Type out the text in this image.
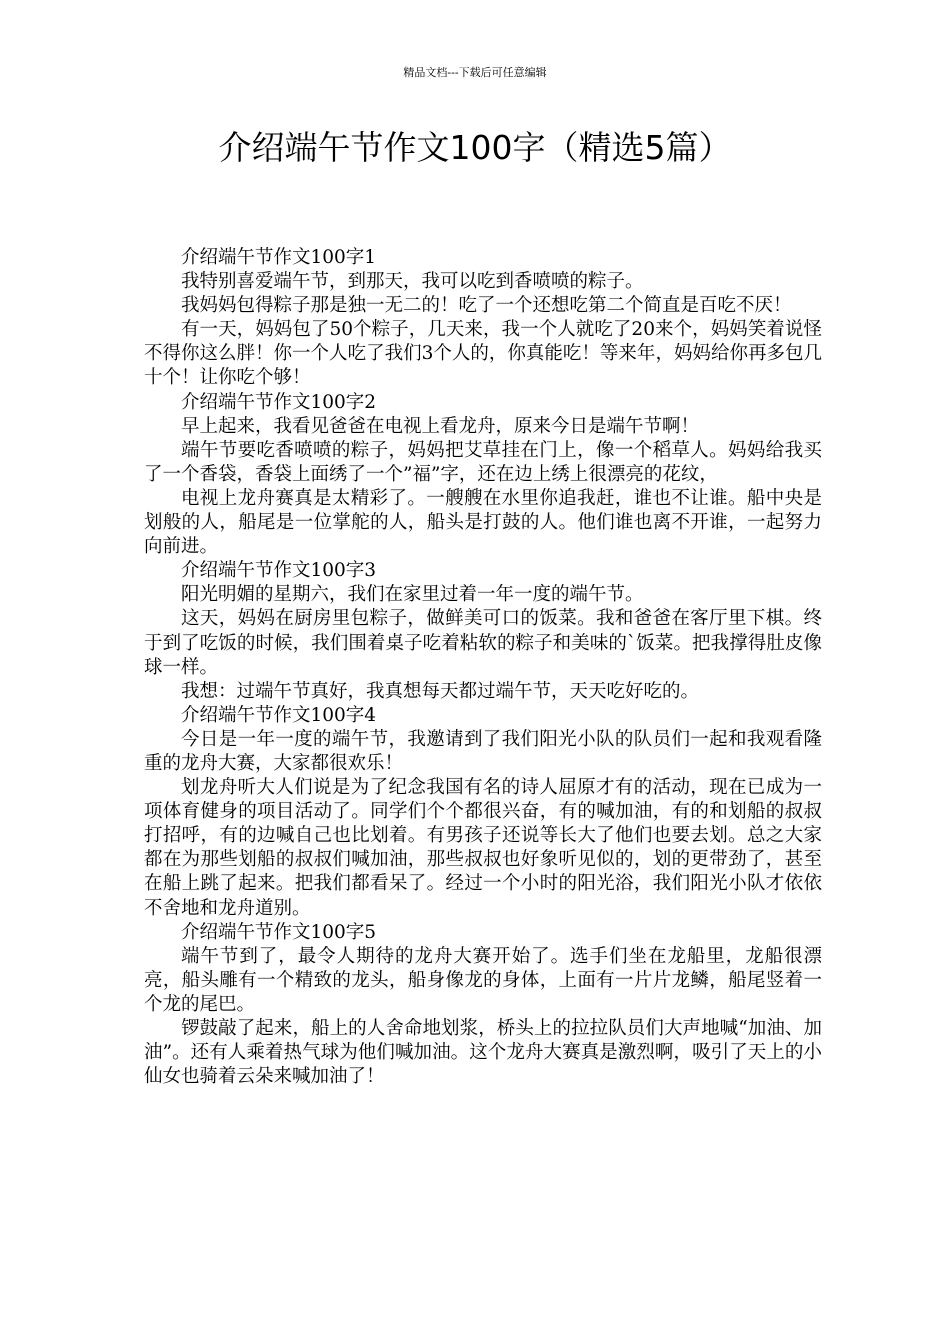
精品文档---下载后可任意编辑
介绍端午节作文100字（精选5篇）

介绍端午节作文100字1

我特别喜爱端午节，到那天，我可以吃到香喷喷的粽子。

我妈妈包得粽子那是独一无二的！吃了一个还想吃第二个简直是百吃不厌！

有一天，妈妈包了50个粽子，几天来，我一个人就吃了20来个，妈妈笑着说怪不得你这么胖！你一个人吃了我们3个人的，你真能吃！等来年，妈妈给你再多包几十个！让你吃个够！

介绍端午节作文100字2

早上起来，我看见爸爸在电视上看龙舟，原来今日是端午节啊！

端午节要吃香喷喷的粽子，妈妈把艾草挂在门上，像一个稻草人。妈妈给我买了一个香袋，香袋上面绣了一个”福”字，还在边上绣上很漂亮的花纹，

电视上龙舟赛真是太精彩了。一艘艘在水里你追我赶，谁也不让谁。船中央是划般的人，船尾是一位掌舵的人，船头是打鼓的人。他们谁也离不开谁，一起努力向前进。

介绍端午节作文100字3

阳光明媚的星期六，我们在家里过着一年一度的端午节。

这天，妈妈在厨房里包粽子，做鲜美可口的饭菜。我和爸爸在客厅里下棋。终于到了吃饭的时候，我们围着桌子吃着粘软的粽子和美味的`饭菜。把我撑得肚皮像球一样。

我想：过端午节真好，我真想每天都过端午节，天天吃好吃的。

介绍端午节作文100字4

今日是一年一度的端午节，我邀请到了我们阳光小队的队员们一起和我观看隆重的龙舟大赛，大家都很欢乐！

划龙舟听大人们说是为了纪念我国有名的诗人屈原才有的活动，现在已成为一项体育健身的项目活动了。同学们个个都很兴奋，有的喊加油，有的和划船的叔叔打招呼，有的边喊自己也比划着。有男孩子还说等长大了他们也要去划。总之大家都在为那些划船的叔叔们喊加油，那些叔叔也好象听见似的，划的更带劲了，甚至在船上跳了起来。把我们都看呆了。经过一个小时的阳光浴，我们阳光小队才依依不舍地和龙舟道别。

介绍端午节作文100字5

端午节到了，最令人期待的龙舟大赛开始了。选手们坐在龙船里，龙船很漂亮，船头雕有一个精致的龙头，船身像龙的身体，上面有一片片龙鳞，船尾竖着一个龙的尾巴。

锣鼓敲了起来，船上的人舍命地划浆，桥头上的拉拉队员们大声地喊“加油、加油”。还有人乘着热气球为他们喊加油。这个龙舟大赛真是激烈啊，吸引了天上的小仙女也骑着云朵来喊加油了！
